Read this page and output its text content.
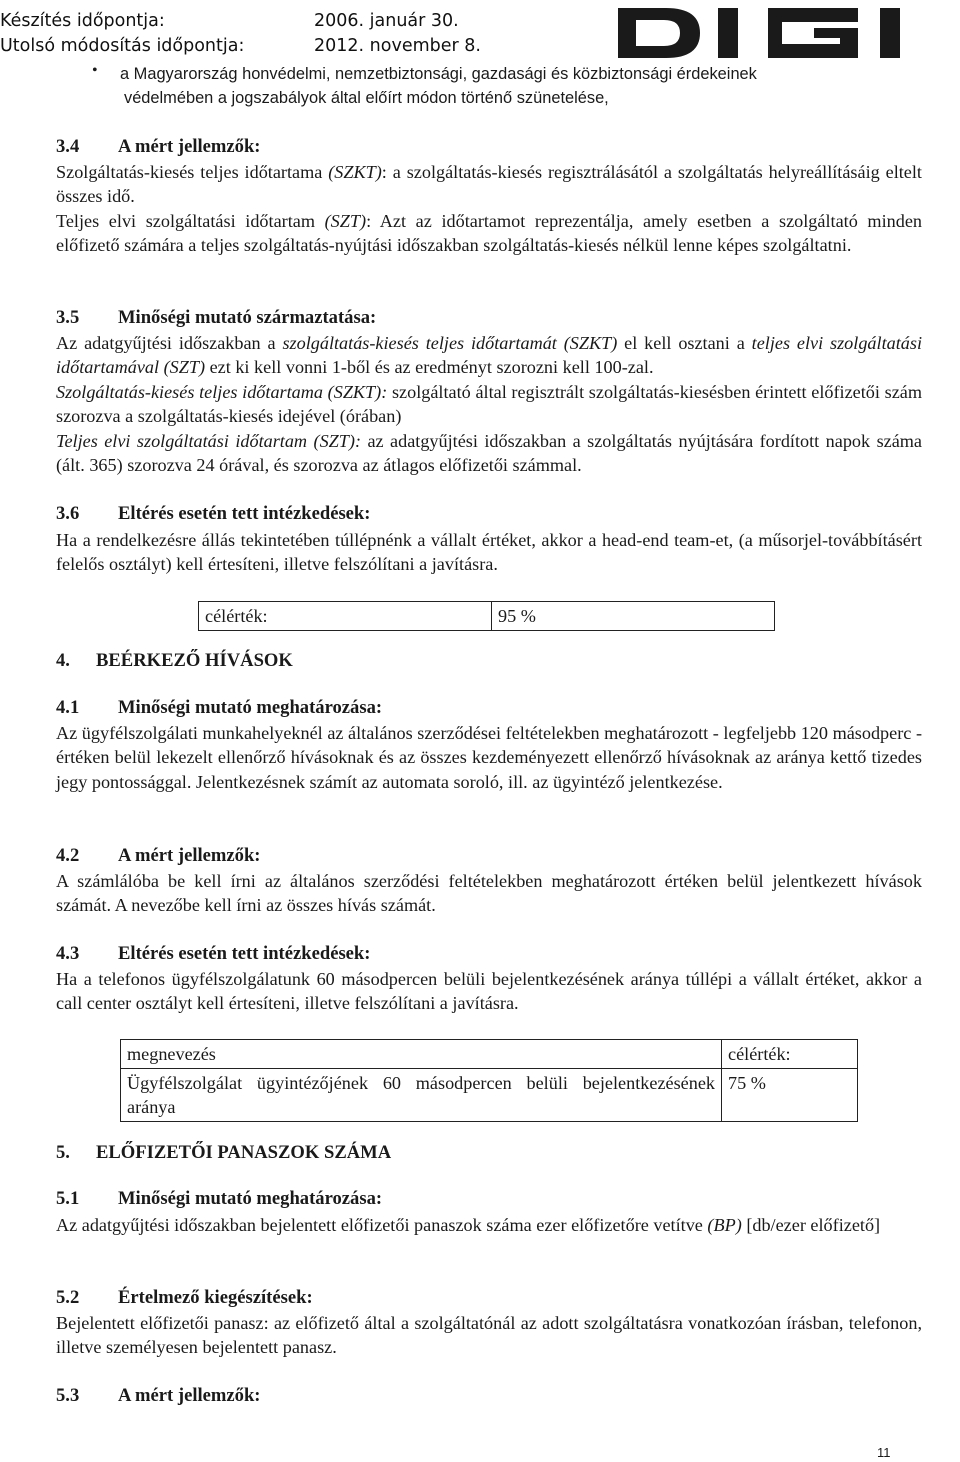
Készítés időpontja:	2006. január 30.
Utolsó módosítás időpontja:	2012. november 8.
• a Magyarország honvédelmi, nemzetbiztonsági, gazdasági és közbiztonsági érdekeinek
védelmében a jogszabályok által előírt módon történő szünetelése,
3.4 A mért jellemzők:

Szolgáltatás-kiesés teljes időtartama (SZKT): a szolgáltatás-kiesés regisztrálásától a szolgáltatás helyreállításáig eltelt összes idő.

Teljes elvi szolgáltatási időtartam (SZT): Azt az időtartamot reprezentálja, amely esetben a szolgáltató minden előfizető számára a teljes szolgáltatás-nyújtási időszakban szolgáltatás-kiesés nélkül lenne képes szolgáltatni.

3.5 Minőségi mutató származtatása:

Az adatgyűjtési időszakban a szolgáltatás-kiesés teljes időtartamát (SZKT) el kell osztani a teljes elvi szolgáltatási időtartamával (SZT) ezt ki kell vonni 1-ből és az eredményt szorozni kell 100-zal.

Szolgáltatás-kiesés teljes időtartama (SZKT): szolgáltató által regisztrált szolgáltatás-kiesésben érintett előfizetői szám szorozva a szolgáltatás-kiesés idejével (órában)

Teljes elvi szolgáltatási időtartam (SZT): az adatgyűjtési időszakban a szolgáltatás nyújtására fordított napok száma (ált. 365) szorozva 24 órával, és szorozva az átlagos előfizetői számmal.

3.6 Eltérés esetén tett intézkedések:

Ha a rendelkezésre állás tekintetében túllépnénk a vállalt értéket, akkor a head-end team-et, (a műsorjel-továbbításért felelős osztályt) kell értesíteni, illetve felszólítani a javításra.

célérték:	95 %
4. BEÉRKEZŐ HÍVÁSOK
4.1 Minőségi mutató meghatározása:

Az ügyfélszolgálati munkahelyeknél az általános szerződései feltételekben meghatározott - legfeljebb 120 másodperc - értéken belül lekezelt ellenőrző hívásoknak és az összes kezdeményezett ellenőrző hívásoknak az aránya kettő tizedes jegy pontossággal. Jelentkezésnek számít az automata soroló, ill. az ügyintéző jelentkezése.

4.2 A mért jellemzők:

A számlálóba be kell írni az általános szerződési feltételekben meghatározott értéken belül jelentkezett hívások számát. A nevezőbe kell írni az összes hívás számát.

4.3 Eltérés esetén tett intézkedések:

Ha a telefonos ügyfélszolgálatunk 60 másodpercen belüli bejelentkezésének aránya túllépi a vállalt értéket, akkor a call center osztályt kell értesíteni, illetve felszólítani a javításra.

megnevezés	célérték:
Ügyfélszolgálat ügyintézőjének 60 másodpercen belüli bejelentkezésének aránya	75 %
5. ELŐFIZETŐI PANASZOK SZÁMA
5.1 Minőségi mutató meghatározása:

Az adatgyűjtési időszakban bejelentett előfizetői panaszok száma ezer előfizetőre vetítve (BP) [db/ezer előfizető]

5.2 Értelmező kiegészítések:

Bejelentett előfizetői panasz: az előfizető által a szolgáltatónál az adott szolgáltatásra vonatkozóan írásban, telefonon, illetve személyesen bejelentett panasz.

5.3 A mért jellemzők:
11
